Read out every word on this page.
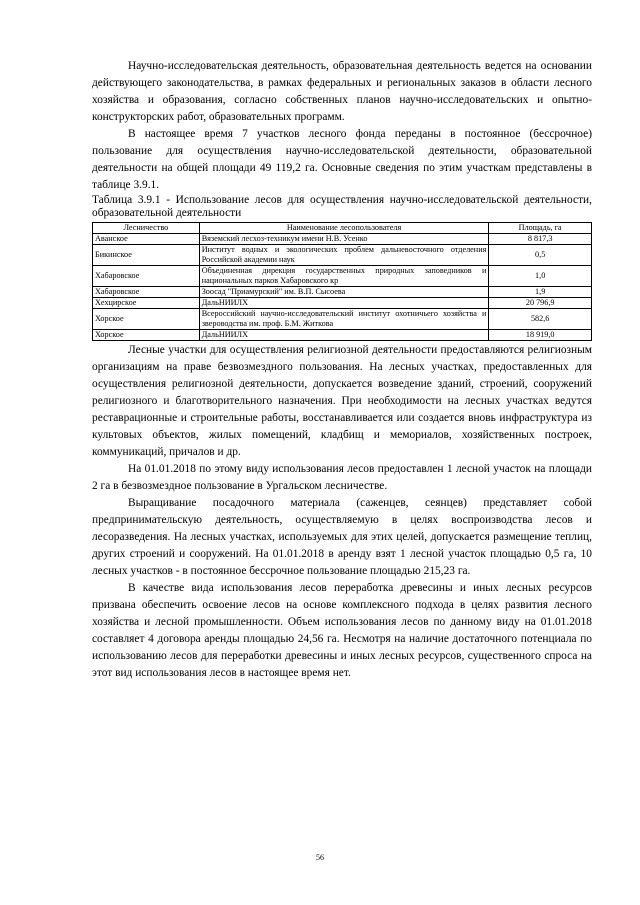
Научно-исследовательская деятельность, образовательная деятельность ведется на основании действующего законодательства, в рамках федеральных и региональных заказов в области лесного хозяйства и образования, согласно собственных планов научно-исследовательских и опытно-конструкторских работ, образовательных программ.

В настоящее время 7 участков лесного фонда переданы в постоянное (бессрочное) пользование для осуществления научно-исследовательской деятельности, образовательной деятельности на общей площади 49 119,2 га. Основные сведения по этим участкам представлены в таблице 3.9.1.

Таблица 3.9.1 - Использование лесов для осуществления научно-исследовательской деятельности, образовательной деятельности
Лесничество	Наименование лесопользователя	Площадь, га
Аванское	Вяземский лесхоз-техникум имени Н.В. Усенко	8 817,3
Бикинское	Институт водных и экологических проблем дальневосточного отделения Российской академии наук	0,5
Хабаровское	Объединенная дирекция государственных природных заповедников и национальных парков Хабаровского кр	1,0
Хабаровское	Зоосад "Приамурский" им. В.П. Сысоева	1,9
Хехцирское	ДальНИИЛХ	20 796,9
Хорское	Всероссийский научно-исследовательский институт охотничьего хозяйства и звероводства им. проф. Б.М. Житкова	582,6
Хорское	ДальНИИЛХ	18 919,0

Лесные участки для осуществления религиозной деятельности предоставляются религиозным организациям на праве безвозмездного пользования. На лесных участках, предоставленных для осуществления религиозной деятельности, допускается возведение зданий, строений, сооружений религиозного и благотворительного назначения. При необходимости на лесных участках ведутся реставрационные и строительные работы, восстанавливается или создается вновь инфраструктура из культовых объектов, жилых помещений, кладбищ и мемориалов, хозяйственных построек, коммуникаций, причалов и др.

На 01.01.2018 по этому виду использования лесов предоставлен 1 лесной участок на площади 2 га в безвозмездное пользование в Ургальском лесничестве.

Выращивание посадочного материала (саженцев, сеянцев) представляет собой предпринимательскую деятельность, осуществляемую в целях воспроизводства лесов и лесоразведения. На лесных участках, используемых для этих целей, допускается размещение теплиц, других строений и сооружений. На 01.01.2018 в аренду взят 1 лесной участок площадью 0,5 га, 10 лесных участков - в постоянное бессрочное пользование площадью 215,23 га.

В качестве вида использования лесов переработка древесины и иных лесных ресурсов призвана обеспечить освоение лесов на основе комплексного подхода в целях развития лесного хозяйства и лесной промышленности. Объем использования лесов по данному виду на 01.01.2018 составляет 4 договора аренды площадью 24,56 га. Несмотря на наличие достаточного потенциала по использованию лесов для переработки древесины и иных лесных ресурсов, существенного спроса на этот вид использования лесов в настоящее время нет.

56
